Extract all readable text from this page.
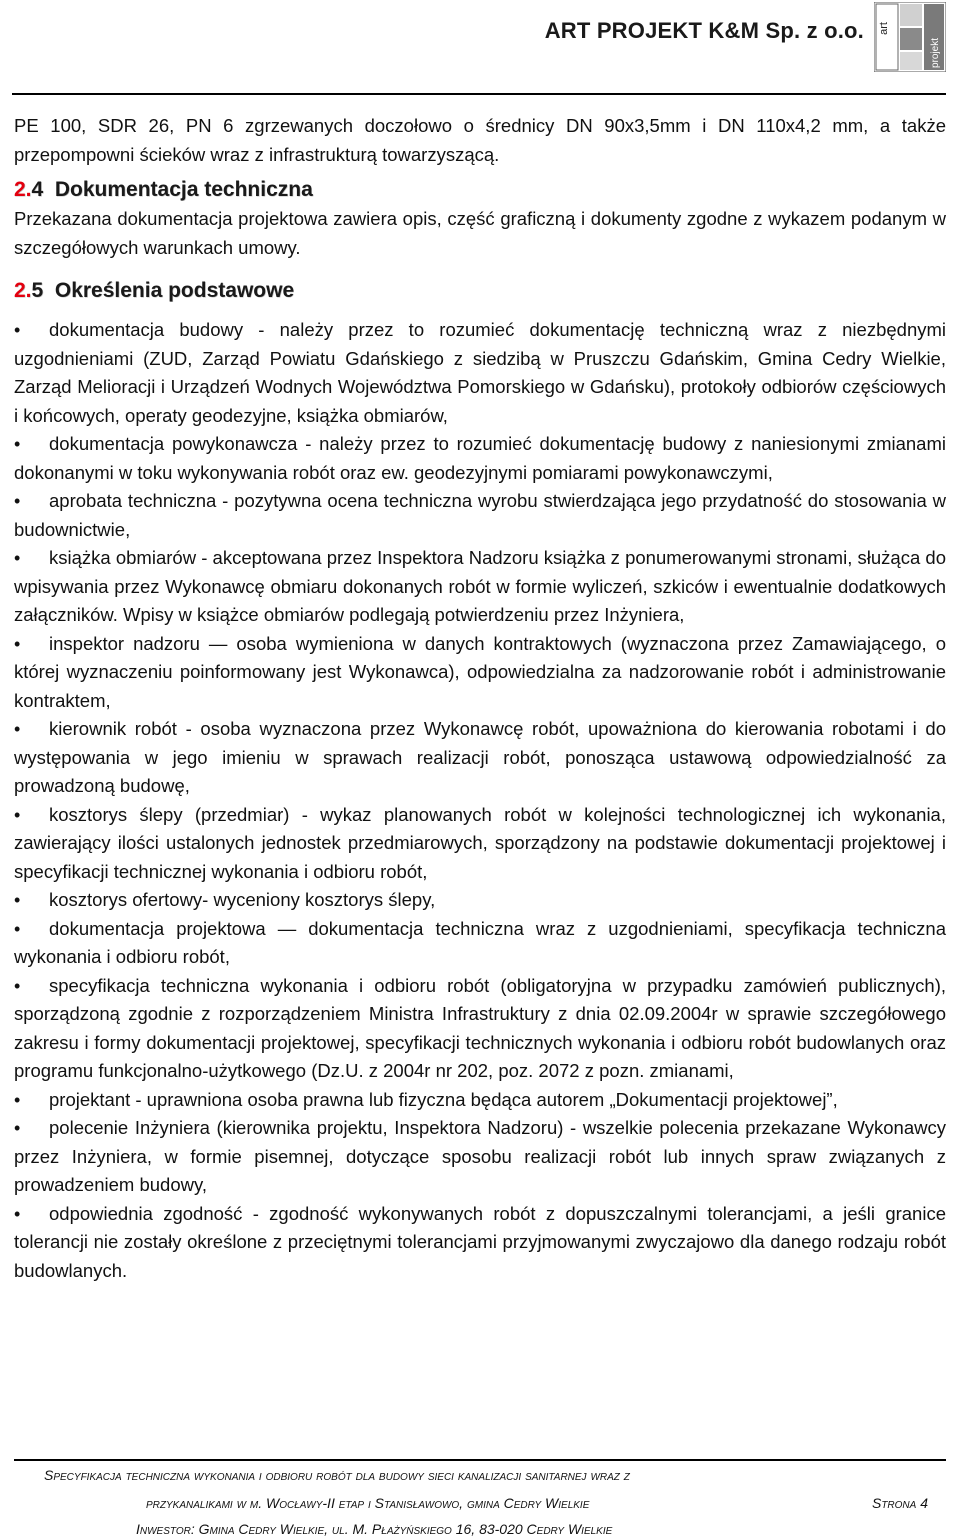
ART PROJEKT K&M Sp. z o.o. art
projekt

PE 100, SDR 26, PN 6 zgrzewanych doczołowo o średnicy DN 90x3,5mm i DN 110x4,2 mm, a także przepompowni ścieków wraz z infrastrukturą towarzyszącą.

2.4 Dokumentacja techniczna

Przekazana dokumentacja projektowa zawiera opis, część graficzną i dokumenty zgodne z wykazem podanym w szczegółowych warunkach umowy.

2.5 Określenia podstawowe
• dokumentacja budowy - należy przez to rozumieć dokumentację techniczną wraz z niezbędnymi uzgodnieniami (ZUD, Zarząd Powiatu Gdańskiego z siedzibą w Pruszczu Gdańskim, Gmina Cedry Wielkie, Zarząd Melioracji i Urządzeń Wodnych Województwa Pomorskiego w Gdańsku), protokoły odbiorów częściowych i końcowych, operaty geodezyjne, książka obmiarów,
• dokumentacja powykonawcza - należy przez to rozumieć dokumentację budowy z naniesionymi zmianami dokonanymi w toku wykonywania robót oraz ew. geodezyjnymi pomiarami powykonawczymi,
• aprobata techniczna - pozytywna ocena techniczna wyrobu stwierdzająca jego przydatność do stosowania w budownictwie,
• książka obmiarów - akceptowana przez Inspektora Nadzoru książka z ponumerowanymi stronami, służąca do wpisywania przez Wykonawcę obmiaru dokonanych robót w formie wyliczeń, szkiców i ewentualnie dodatkowych załączników. Wpisy w książce obmiarów podlegają potwierdzeniu przez Inżyniera,
• inspektor nadzoru — osoba wymieniona w danych kontraktowych (wyznaczona przez Zamawiającego, o której wyznaczeniu poinformowany jest Wykonawca), odpowiedzialna za nadzorowanie robót i administrowanie kontraktem,
• kierownik robót - osoba wyznaczona przez Wykonawcę robót, upoważniona do kierowania robotami i do występowania w jego imieniu w sprawach realizacji robót, ponosząca ustawową odpowiedzialność za prowadzoną budowę,
• kosztorys ślepy (przedmiar) - wykaz planowanych robót w kolejności technologicznej ich wykonania, zawierający ilości ustalonych jednostek przedmiarowych, sporządzony na podstawie dokumentacji projektowej i specyfikacji technicznej wykonania i odbioru robót,
• kosztorys ofertowy- wyceniony kosztorys ślepy,
• dokumentacja projektowa — dokumentacja techniczna wraz z uzgodnieniami, specyfikacja techniczna wykonania i odbioru robót,
• specyfikacja techniczna wykonania i odbioru robót (obligatoryjna w przypadku zamówień publicznych), sporządzoną zgodnie z rozporządzeniem Ministra Infrastruktury z dnia 02.09.2004r w sprawie szczegółowego zakresu i formy dokumentacji projektowej, specyfikacji technicznych wykonania i odbioru robót budowlanych oraz programu funkcjonalno-użytkowego (Dz.U. z 2004r nr 202, poz. 2072 z pozn. zmianami,
• projektant - uprawniona osoba prawna lub fizyczna będąca autorem „Dokumentacji projektowej”,
• polecenie Inżyniera (kierownika projektu, Inspektora Nadzoru) - wszelkie polecenia przekazane Wykonawcy przez Inżyniera, w formie pisemnej, dotyczące sposobu realizacji robót lub innych spraw związanych z prowadzeniem budowy,
• odpowiednia zgodność - zgodność wykonywanych robót z dopuszczalnymi tolerancjami, a jeśli granice tolerancji nie zostały określone z przeciętnymi tolerancjami przyjmowanymi zwyczajowo dla danego rodzaju robót budowlanych.
Specyfikacja techniczna wykonania i odbioru robót dla budowy sieci kanalizacji sanitarnej wraz z
przykanalikami w m. Wocławy-II etap i Stanisławowo, gmina Cedry Wielkie	Strona 4
Inwestor: Gmina Cedry Wielkie, ul. M. Płażyńskiego 16, 83-020 Cedry Wielkie
